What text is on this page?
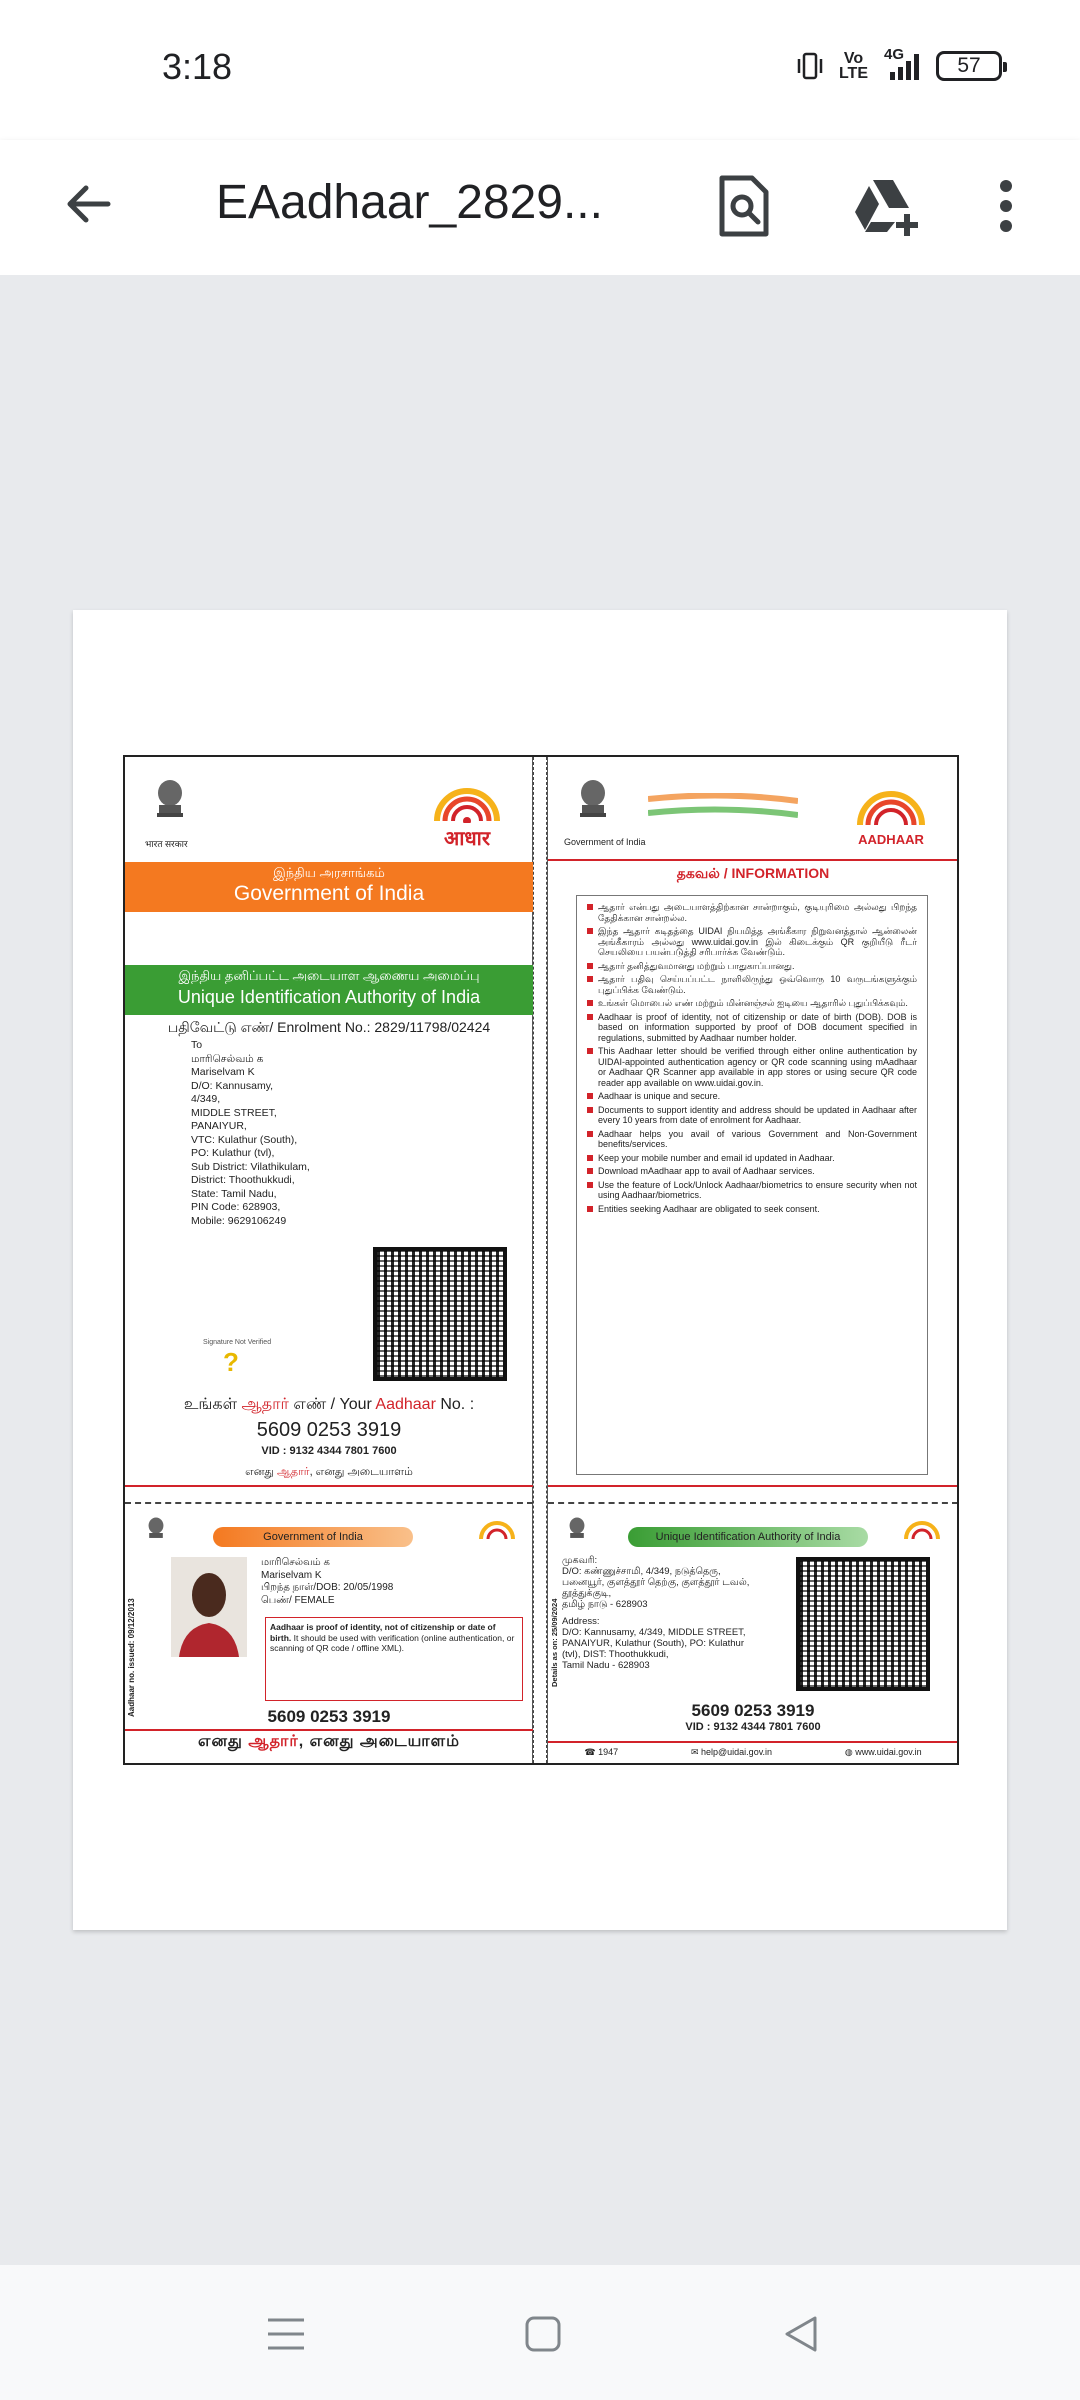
3:18	Vo
LTE
4G	57
EAadhaar_2829...
भारत सरकार	आधार
இந்திய அரசாங்கம்
Government of India
இந்திய தனிப்பட்ட அடையாள ஆணைய அமைப்பு
Unique Identification Authority of India
பதிவேட்டு எண்/ Enrolment No.: 2829/11798/02424
To
மாரிசெல்வம் க
Mariselvam K
D/O: Kannusamy,
4/349,
MIDDLE STREET,
PANAIYUR,
VTC: Kulathur (South),
PO: Kulathur (tvl),
Sub District: Vilathikulam,
District: Thoothukkudi,
State: Tamil Nadu,
PIN Code: 628903,
Mobile: 9629106249
Signature Not Verified
?
உங்கள் ஆதார் எண் / Your Aadhaar No. :
5609 0253 3919
VID : 9132 4344 7801 7600
எனது ஆதார், எனது அடையாளம்
Government of India
Aadhaar no. issued: 09/12/2013
மாரிசெல்வம் க
Mariselvam K
பிறந்த நாள்/DOB: 20/05/1998
பெண்/ FEMALE
Aadhaar is proof of identity, not of citizenship or date of birth. It should be used with verification (online authentication, or scanning of QR code / offline XML).
5609 0253 3919
எனது ஆதார், எனது அடையாளம்
Government of India	AADHAAR
தகவல் / INFORMATION
ஆதார் என்பது அடையாளத்திற்கான சான்றாகும், குடியுரிமை அல்லது பிறந்த தேதிக்கான சான்றல்ல.
இந்த ஆதார் கடிதத்தை UIDAI நியமித்த அங்கீகார நிறுவனத்தால் ஆன்லைன் அங்கீகாரம் அல்லது www.uidai.gov.in இல் கிடைக்கும் QR குறியீடு ரீடர் செயலியை பயன்படுத்தி சரிபார்க்க வேண்டும்.
ஆதார் தனித்துவமானது மற்றும் பாதுகாப்பானது.
ஆதார் பதிவு செய்யப்பட்ட நாளிலிருந்து ஒவ்வொரு 10 வருடங்களுக்கும் புதுப்பிக்க வேண்டும்.
உங்கள் மொபைல் எண் மற்றும் மின்னஞ்சல் ஐடியை ஆதாரில் புதுப்பிக்கவும்.
Aadhaar is proof of identity, not of citizenship or date of birth (DOB). DOB is based on information supported by proof of DOB document specified in regulations, submitted by Aadhaar number holder.
This Aadhaar letter should be verified through either online authentication by UIDAI-appointed authentication agency or QR code scanning using mAadhaar or Aadhaar QR Scanner app available in app stores or using secure QR code reader app available on www.uidai.gov.in.
Aadhaar is unique and secure.
Documents to support identity and address should be updated in Aadhaar after every 10 years from date of enrolment for Aadhaar.
Aadhaar helps you avail of various Government and Non-Government benefits/services.
Keep your mobile number and email id updated in Aadhaar.
Download mAadhaar app to avail of Aadhaar services.
Use the feature of Lock/Unlock Aadhaar/biometrics to ensure security when not using Aadhaar/biometrics.
Entities seeking Aadhaar are obligated to seek consent.
Unique Identification Authority of India
Details as on: 25/09/2024
முகவரி:
D/O: கண்ணுச்சாமி, 4/349, நடுத்தெரு,
பனையூர், குளத்தூர் தெற்கு, குளத்தூர் டவல்,
தூத்துக்குடி,
தமிழ் நாடு - 628903
Address:
D/O: Kannusamy, 4/349, MIDDLE STREET,
PANAIYUR, Kulathur (South), PO: Kulathur
(tvl), DIST: Thoothukkudi,
Tamil Nadu - 628903
5609 0253 3919
VID : 9132 4344 7801 7600
☎ 1947	✉ help@uidai.gov.in	◍ www.uidai.gov.in
